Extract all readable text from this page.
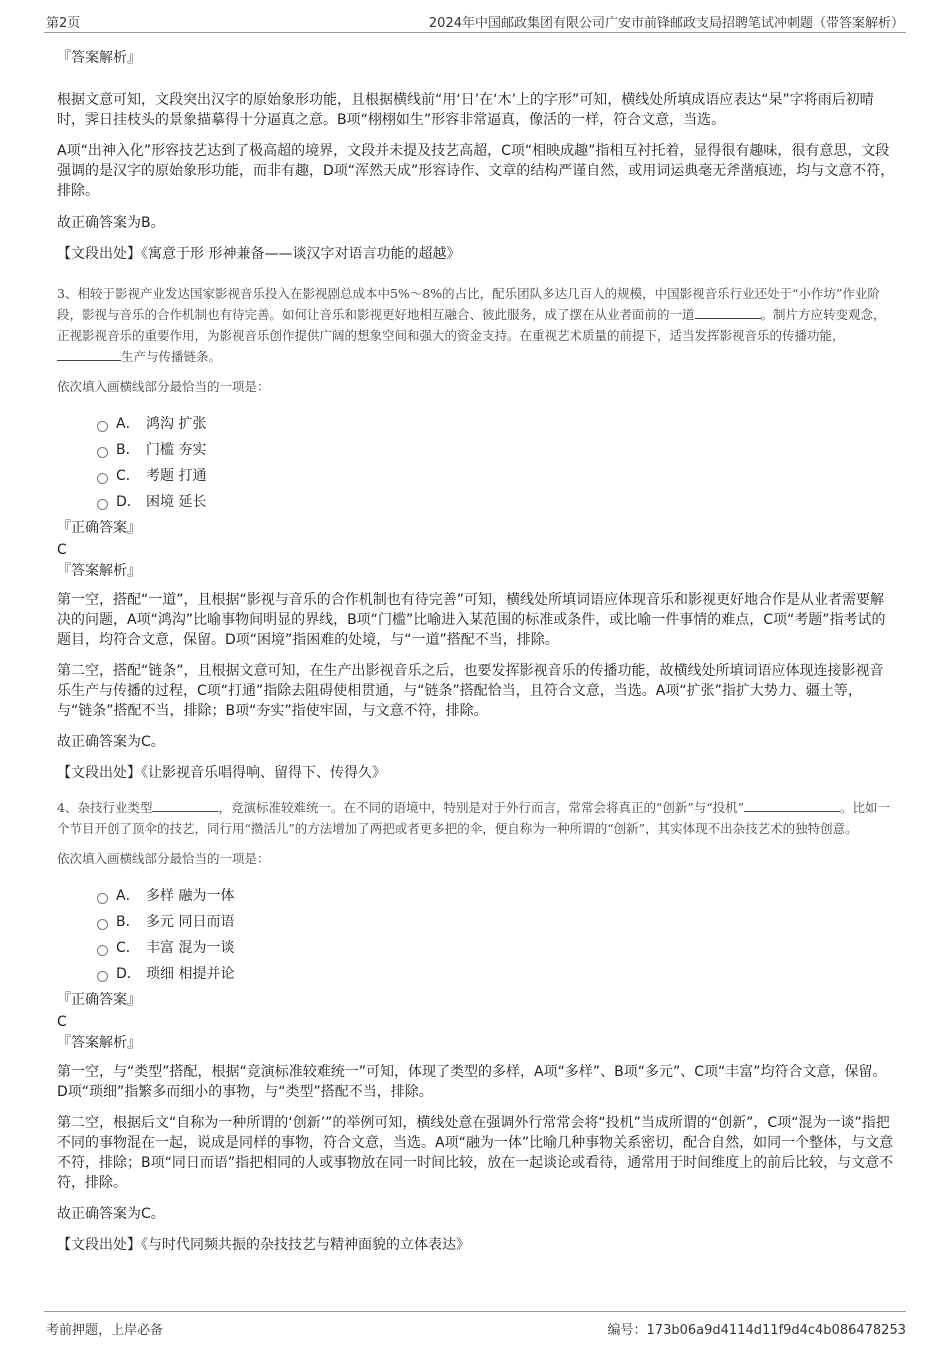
第2页	2024年中国邮政集团有限公司广安市前锋邮政支局招聘笔试冲刺题（带答案解析）
『答案解析』

根据文意可知，文段突出汉字的原始象形功能，且根据横线前“用‘日’在‘木’上的字形”可知，横线处所填成语应表达“杲”字将雨后初晴时，霁日挂枝头的景象描摹得十分逼真之意。B项“栩栩如生”形容非常逼真，像活的一样，符合文意，当选。

A项“出神入化”形容技艺达到了极高超的境界，文段并未提及技艺高超，C项“相映成趣”指相互衬托着，显得很有趣味，很有意思，文段强调的是汉字的原始象形功能，而非有趣，D项“浑然天成”形容诗作、文章的结构严谨自然，或用词运典毫无斧凿痕迹，均与文意不符，排除。

故正确答案为B。

【文段出处】《寓意于形 形神兼备——谈汉字对语言功能的超越》

3、相较于影视产业发达国家影视音乐投入在影视剧总成本中5%～8%的占比，配乐团队多达几百人的规模，中国影视音乐行业还处于“小作坊”作业阶段，影视与音乐的合作机制也有待完善。如何让音乐和影视更好地相互融合、彼此服务，成了摆在从业者面前的一道	。制片方应转变观念，正视影视音乐的重要作用，为影视音乐创作提供广阔的想象空间和强大的资金支持。在重视艺术质量的前提下，适当发挥影视音乐的传播功能，生产与传播链条。
依次填入画横线部分最恰当的一项是：
A． 鸿沟 扩张
B． 门槛 夯实
C． 考题 打通
D． 困境 延长
『正确答案』
C
『答案解析』

第一空，搭配“一道”，且根据“影视与音乐的合作机制也有待完善”可知，横线处所填词语应体现音乐和影视更好地合作是从业者需要解决的问题，A项“鸿沟”比喻事物间明显的界线，B项“门槛”比喻进入某范围的标准或条件，或比喻一件事情的难点，C项“考题”指考试的题目，均符合文意，保留。D项“困境”指困难的处境，与“一道”搭配不当，排除。

第二空，搭配“链条”，且根据文意可知，在生产出影视音乐之后，也要发挥影视音乐的传播功能，故横线处所填词语应体现连接影视音乐生产与传播的过程，C项“打通”指除去阻碍使相贯通，与“链条”搭配恰当，且符合文意，当选。A项“扩张”指扩大势力、疆土等，与“链条”搭配不当，排除；B项“夯实”指使牢固，与文意不符，排除。

故正确答案为C。

【文段出处】《让影视音乐唱得响、留得下、传得久》

4、杂技行业类型	，竞演标准较难统一。在不同的语境中，特别是对于外行而言，常常会将真正的“创新”与“投机”	。比如一个节目开创了顶伞的技艺，同行用“攒活儿”的方法增加了两把或者更多把的伞，便自称为一种所谓的“创新”，其实体现不出杂技艺术的独特创意。
依次填入画横线部分最恰当的一项是：
A． 多样 融为一体
B． 多元 同日而语
C． 丰富 混为一谈
D． 琐细 相提并论
『正确答案』
C
『答案解析』

第一空，与“类型”搭配，根据“竞演标准较难统一”可知，体现了类型的多样，A项“多样”、B项“多元”、C项“丰富”均符合文意，保留。D项“琐细”指繁多而细小的事物，与“类型”搭配不当，排除。

第二空，根据后文“自称为一种所谓的‘创新’”的举例可知，横线处意在强调外行常常会将“投机”当成所谓的“创新”，C项“混为一谈”指把不同的事物混在一起，说成是同样的事物，符合文意，当选。A项“融为一体”比喻几种事物关系密切，配合自然，如同一个整体，与文意不符，排除；B项“同日而语”指把相同的人或事物放在同一时间比较，放在一起谈论或看待，通常用于时间维度上的前后比较，与文意不符，排除。

故正确答案为C。

【文段出处】《与时代同频共振的杂技技艺与精神面貌的立体表达》

考前押题，上岸必备	编号：173b06a9d4114d11f9d4c4b086478253
